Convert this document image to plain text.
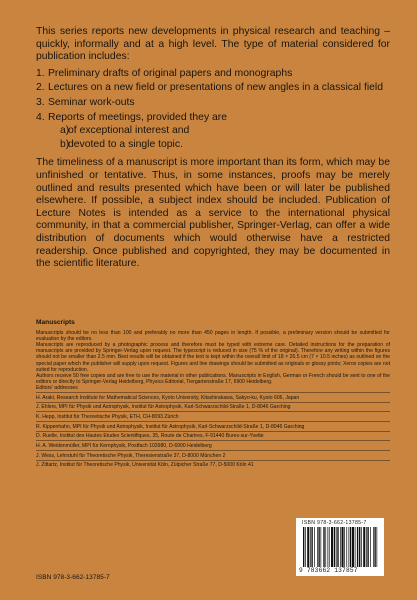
This series reports new developments in physical research and teaching – quickly, informally and at a high level. The type of material considered for publication includes:

1. Preliminary drafts of original papers and monographs
2. Lectures on a new field or presentations of new angles in a classical field
3. Seminar work-outs
4. Reports of meetings, provided they are
a)
of exceptional interest and
b)
devoted to a single topic.

The timeliness of a manuscript is more important than its form, which may be unfinished or tentative. Thus, in some instances, proofs may be merely outlined and results presented which have been or will later be published elsewhere. If possible, a subject index should be included. Publication of Lecture Notes is intended as a service to the international physical community, in that a commercial publisher, Springer-Verlag, can offer a wide distribution of documents which would otherwise have a restricted readership. Once published and copyrighted, they may be documented in the scientific literature.

Manuscripts

Manuscripts should be no less than 100 and preferably no more than 450 pages in length. If possible, a preliminary version should be submitted for evaluation by the editors.

Manuscripts are reproduced by a photographic process and therefore must be typed with extreme care. Detailed instructions for the preparation of manuscripts are provided by Springer-Verlag upon request. The typescript is reduced in size (75 % of the original). Therefore any writing within the figures should not be smaller than 2.5 mm. Best results will be obtained if the text is kept within the overall limit of 18 × 26.5 cm (7 × 10.5 inches) as outlined on the special paper which the publisher will supply upon request. Figures and line drawings should be submitted as originals or glossy prints; Xerox copies are not suited for reproduction.

Authors receive 50 free copies and are free to use the material in other publications. Manuscripts in English, German or French should be sent to one of the editors or directly to Springer-Verlag Heidelberg, Physics Editorial, Tiergartenstraße 17, 6900 Heidelberg.

Editors' addresses

H. Araki, Research Institute for Mathematical Sciences, Kyoto University, Kitashirakawa, Sakyo-ku, Kyoto 606, Japan

J. Ehlers, MPI für Physik und Astrophysik, Institut für Astrophysik, Karl-Schwarzschild-Straße 1, D-8046 Garching

K. Hepp, Institut für Theoretische Physik, ETH, CH-8093 Zürich

R. Kippenhahn, MPI für Physik und Astrophysik, Institut für Astrophysik, Karl-Schwarzschild-Straße 1, D-8046 Garching

D. Ruelle, Institut des Hautes Etudes Scientifiques, 35, Route de Chartres, F-91440 Bures-sur-Yvette

H. A. Weidenmüller, MPI für Kernphysik, Postfach 103980, D-6900 Heidelberg

J. Wess, Lehrstuhl für Theoretische Physik, Theresienstraße 37, D-8000 München 2

J. Zittartz, Institut für Theoretische Physik, Universität Köln, Zülpicher Straße 77, D-5000 Köln 41

ISBN 978-3-662-13785-7
9 783662 137857
ISBN 978-3-662-13785-7
